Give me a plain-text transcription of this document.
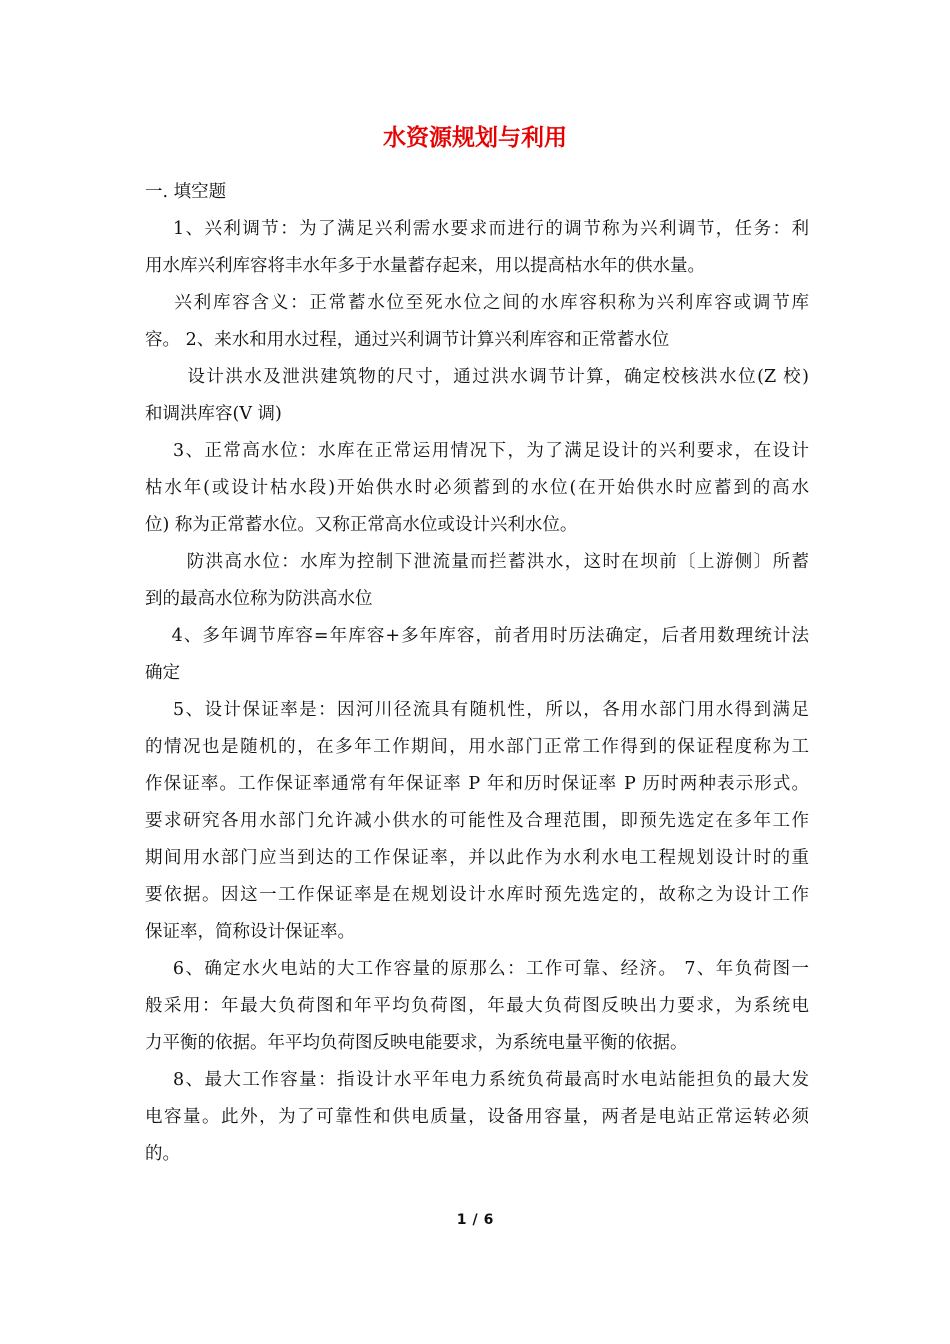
水资源规划与利用
一. 填空题
1、兴利调节：为了满足兴利需水要求而进行的调节称为兴利调节，任务：利
用水库兴利库容将丰水年多于水量蓄存起来，用以提高枯水年的供水量。
兴利库容含义：正常蓄水位至死水位之间的水库容积称为兴利库容或调节库
容。 2、来水和用水过程，通过兴利调节计算兴利库容和正常蓄水位
设计洪水及泄洪建筑物的尺寸，通过洪水调节计算，确定校核洪水位(Z 校)
和调洪库容(V 调)
3、正常高水位：水库在正常运用情况下，为了满足设计的兴利要求，在设计
枯水年(或设计枯水段)开始供水时必须蓄到的水位(在开始供水时应蓄到的高水
位) 称为正常蓄水位。又称正常高水位或设计兴利水位。
防洪高水位：水库为控制下泄流量而拦蓄洪水，这时在坝前〔上游侧〕所蓄
到的最高水位称为防洪高水位
4、多年调节库容=年库容+多年库容，前者用时历法确定，后者用数理统计法
确定
5、设计保证率是：因河川径流具有随机性，所以，各用水部门用水得到满足
的情况也是随机的，在多年工作期间，用水部门正常工作得到的保证程度称为工
作保证率。工作保证率通常有年保证率 P 年和历时保证率 P 历时两种表示形式。
要求研究各用水部门允许减小供水的可能性及合理范围，即预先选定在多年工作
期间用水部门应当到达的工作保证率，并以此作为水利水电工程规划设计时的重
要依据。因这一工作保证率是在规划设计水库时预先选定的，故称之为设计工作
保证率，简称设计保证率。
6、确定水火电站的大工作容量的原那么：工作可靠、经济。 7、年负荷图一
般采用：年最大负荷图和年平均负荷图，年最大负荷图反映出力要求，为系统电
力平衡的依据。年平均负荷图反映电能要求，为系统电量平衡的依据。
8、最大工作容量：指设计水平年电力系统负荷最高时水电站能担负的最大发
电容量。此外，为了可靠性和供电质量，设备用容量，两者是电站正常运转必须
的。
1 / 6
